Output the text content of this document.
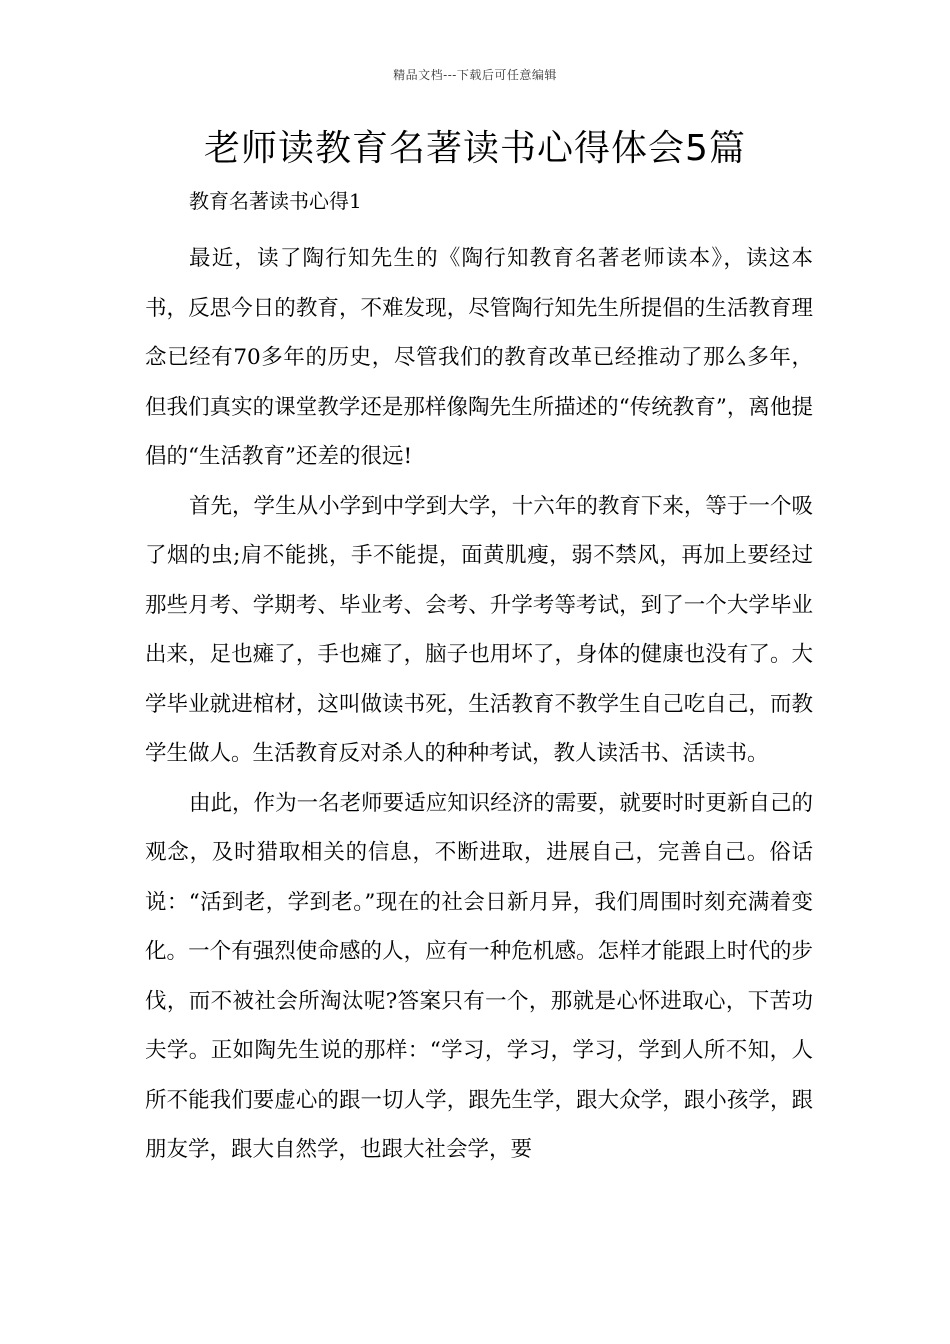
精品文档---下载后可任意编辑
老师读教育名著读书心得体会5篇

教育名著读书心得1

最近，读了陶行知先生的《陶行知教育名著老师读本》，读这本书，反思今日的教育，不难发现，尽管陶行知先生所提倡的生活教育理念已经有70多年的历史，尽管我们的教育改革已经推动了那么多年，但我们真实的课堂教学还是那样像陶先生所描述的“传统教育”，离他提倡的“生活教育”还差的很远!

首先，学生从小学到中学到大学，十六年的教育下来，等于一个吸了烟的虫;肩不能挑，手不能提，面黄肌瘦，弱不禁风，再加上要经过那些月考、学期考、毕业考、会考、升学考等考试，到了一个大学毕业出来，足也瘫了，手也瘫了，脑子也用坏了，身体的健康也没有了。大学毕业就进棺材，这叫做读书死，生活教育不教学生自己吃自己，而教学生做人。生活教育反对杀人的种种考试，教人读活书、活读书。

由此，作为一名老师要适应知识经济的需要，就要时时更新自己的观念，及时猎取相关的信息，不断进取，进展自己，完善自己。俗话说：“活到老，学到老。”现在的社会日新月异，我们周围时刻充满着变化。一个有强烈使命感的人，应有一种危机感。怎样才能跟上时代的步伐，而不被社会所淘汰呢?答案只有一个，那就是心怀进取心，下苦功夫学。正如陶先生说的那样：“学习，学习，学习，学到人所不知，人所不能我们要虚心的跟一切人学，跟先生学，跟大众学，跟小孩学，跟朋友学，跟大自然学，也跟大社会学，要
